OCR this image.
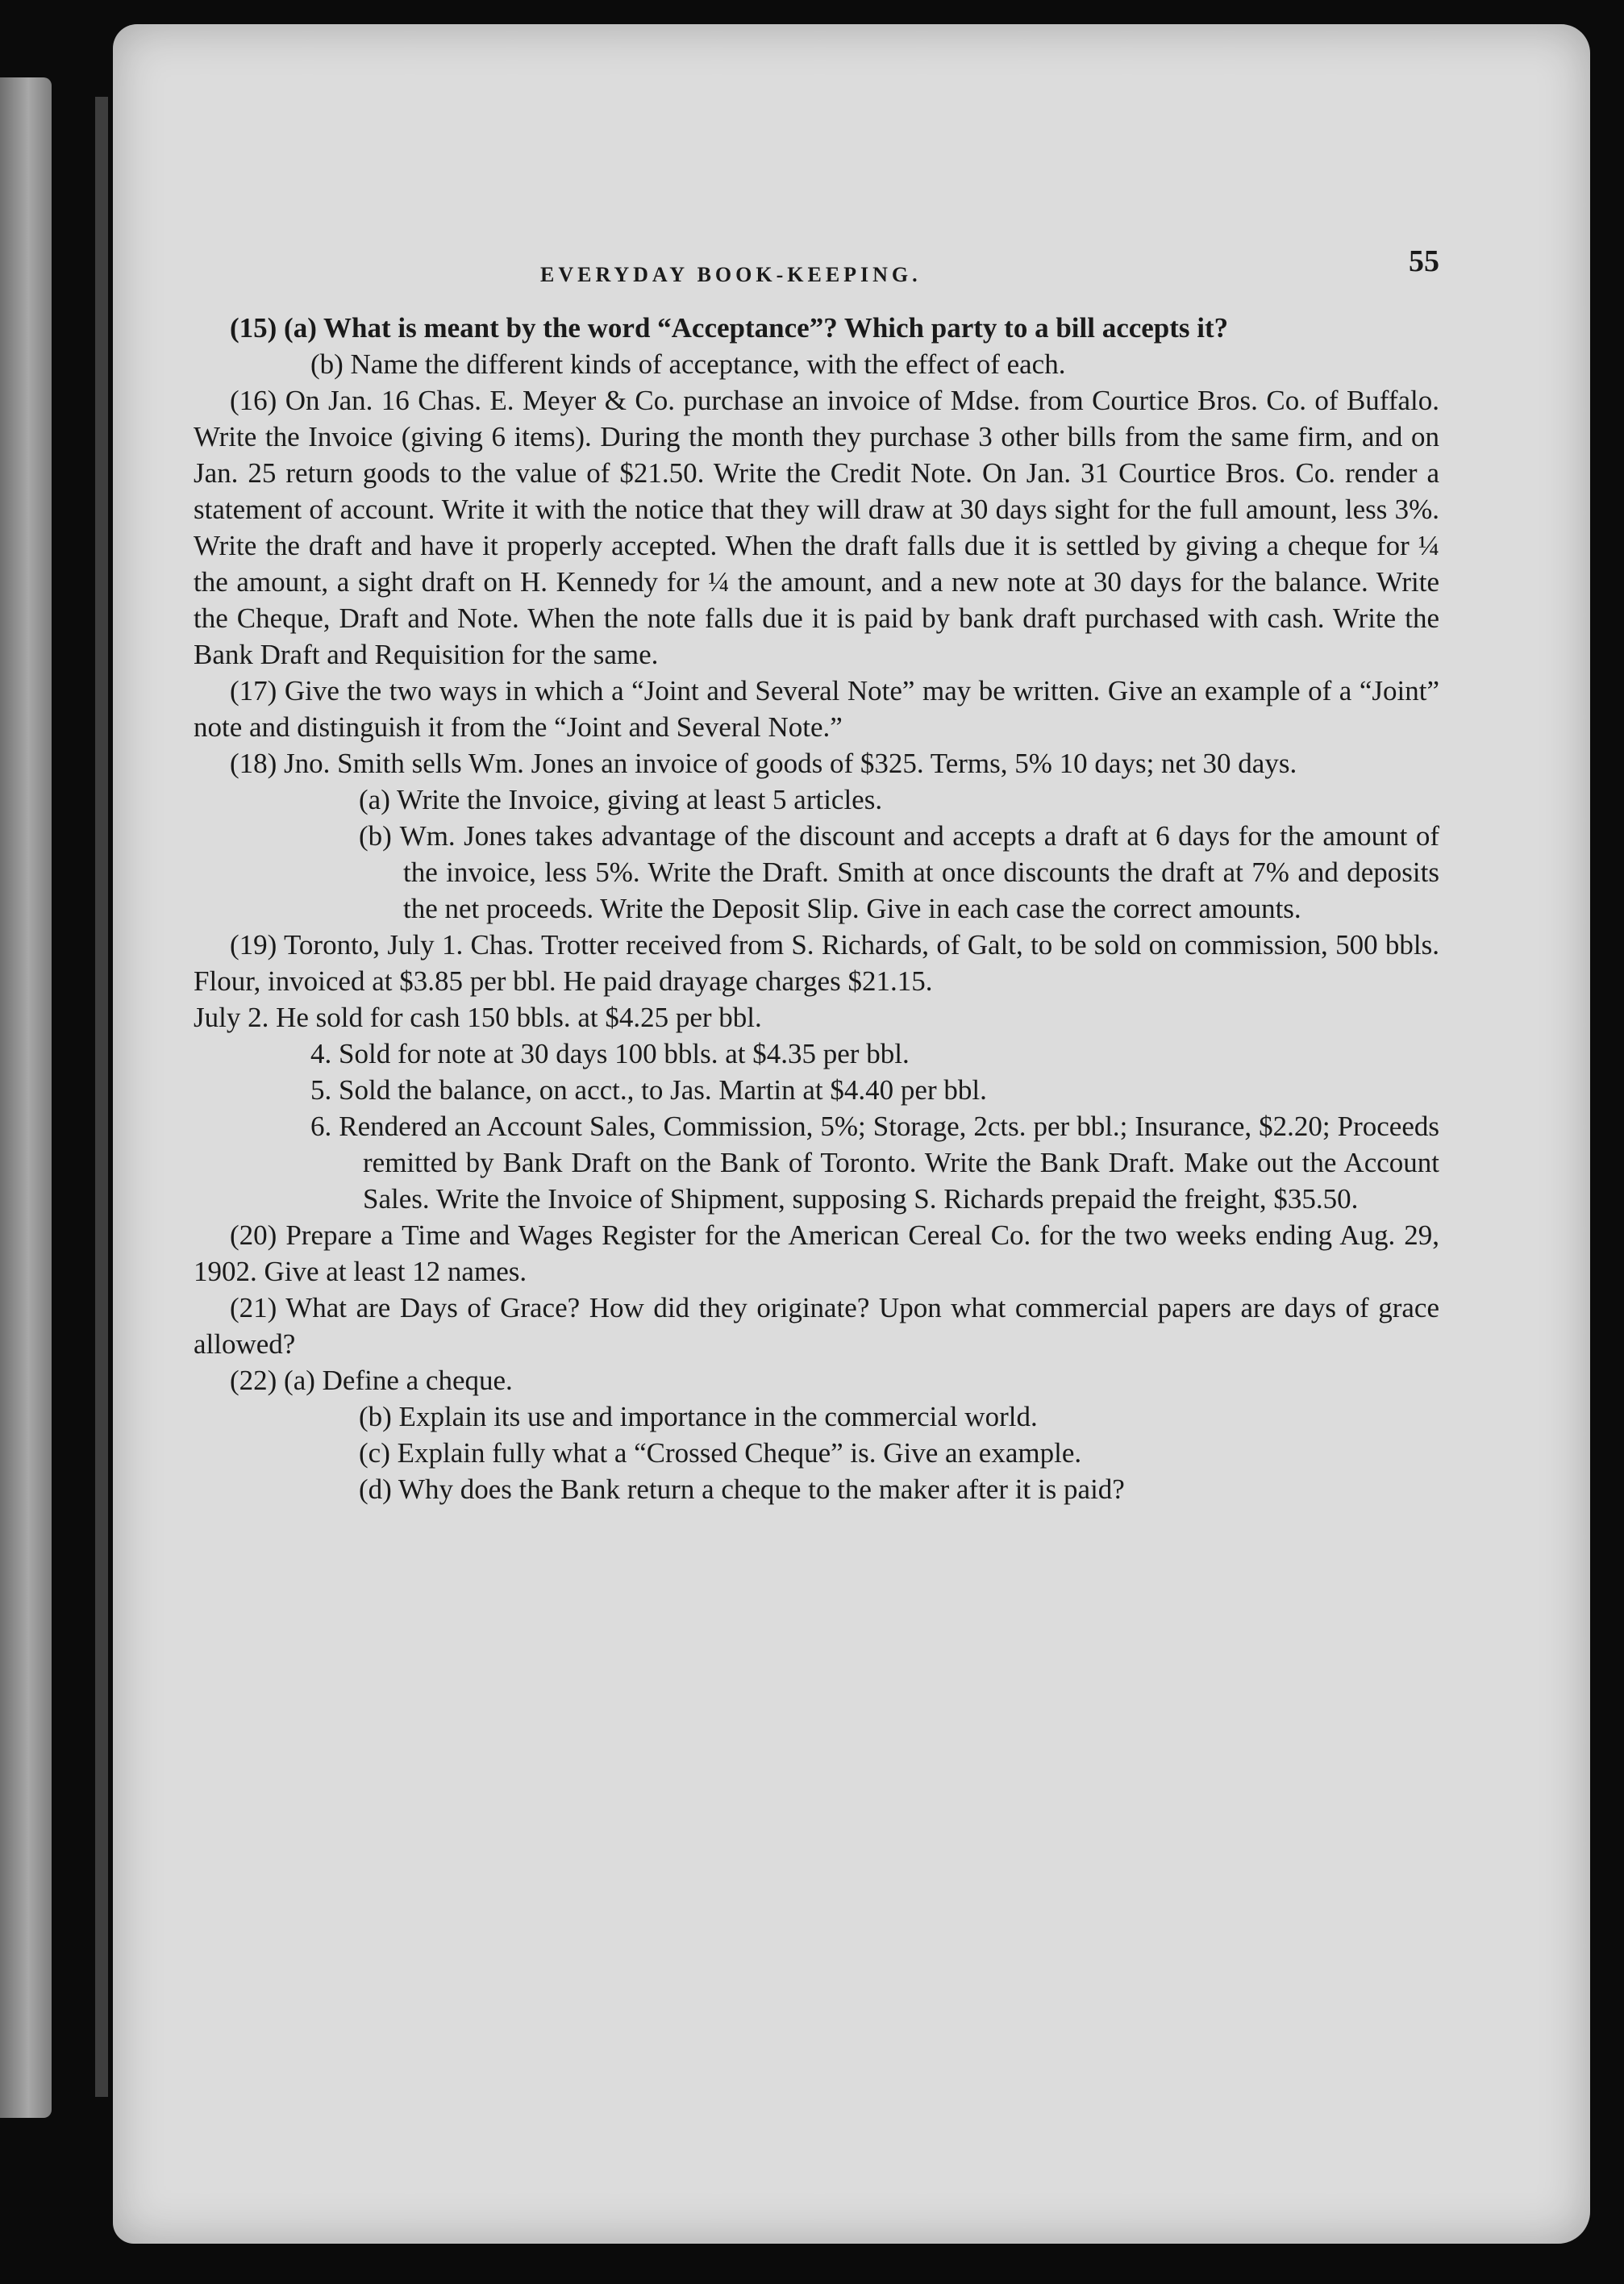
EVERYDAY BOOK-KEEPING.	55

(15) (a) What is meant by the word “Acceptance”? Which party to a bill accepts it?

(b) Name the different kinds of acceptance, with the effect of each.

(16) On Jan. 16 Chas. E. Meyer & Co. purchase an invoice of Mdse. from Courtice Bros. Co. of Buffalo. Write the Invoice (giving 6 items). During the month they purchase 3 other bills from the same firm, and on Jan. 25 return goods to the value of $21.50. Write the Credit Note. On Jan. 31 Courtice Bros. Co. render a statement of account. Write it with the notice that they will draw at 30 days sight for the full amount, less 3%. Write the draft and have it properly accepted. When the draft falls due it is settled by giving a cheque for ¼ the amount, a sight draft on H. Kennedy for ¼ the amount, and a new note at 30 days for the balance. Write the Cheque, Draft and Note. When the note falls due it is paid by bank draft purchased with cash. Write the Bank Draft and Requisition for the same.

(17) Give the two ways in which a “Joint and Several Note” may be written. Give an example of a “Joint” note and distinguish it from the “Joint and Several Note.”

(18) Jno. Smith sells Wm. Jones an invoice of goods of $325. Terms, 5% 10 days; net 30 days.

(a) Write the Invoice, giving at least 5 articles.

(b) Wm. Jones takes advantage of the discount and accepts a draft at 6 days for the amount of the invoice, less 5%. Write the Draft. Smith at once discounts the draft at 7% and deposits the net proceeds. Write the Deposit Slip. Give in each case the correct amounts.

(19) Toronto, July 1. Chas. Trotter received from S. Richards, of Galt, to be sold on commission, 500 bbls. Flour, invoiced at $3.85 per bbl. He paid drayage charges $21.15.

July 2. He sold for cash 150 bbls. at $4.25 per bbl.

4. Sold for note at 30 days 100 bbls. at $4.35 per bbl.

5. Sold the balance, on acct., to Jas. Martin at $4.40 per bbl.

6. Rendered an Account Sales, Commission, 5%; Storage, 2cts. per bbl.; Insurance, $2.20; Proceeds remitted by Bank Draft on the Bank of Toronto. Write the Bank Draft. Make out the Account Sales. Write the Invoice of Shipment, supposing S. Richards prepaid the freight, $35.50.

(20) Prepare a Time and Wages Register for the American Cereal Co. for the two weeks ending Aug. 29, 1902. Give at least 12 names.

(21) What are Days of Grace? How did they originate? Upon what commercial papers are days of grace allowed?

(22) (a) Define a cheque.

(b) Explain its use and importance in the commercial world.

(c) Explain fully what a “Crossed Cheque” is. Give an example.

(d) Why does the Bank return a cheque to the maker after it is paid?
